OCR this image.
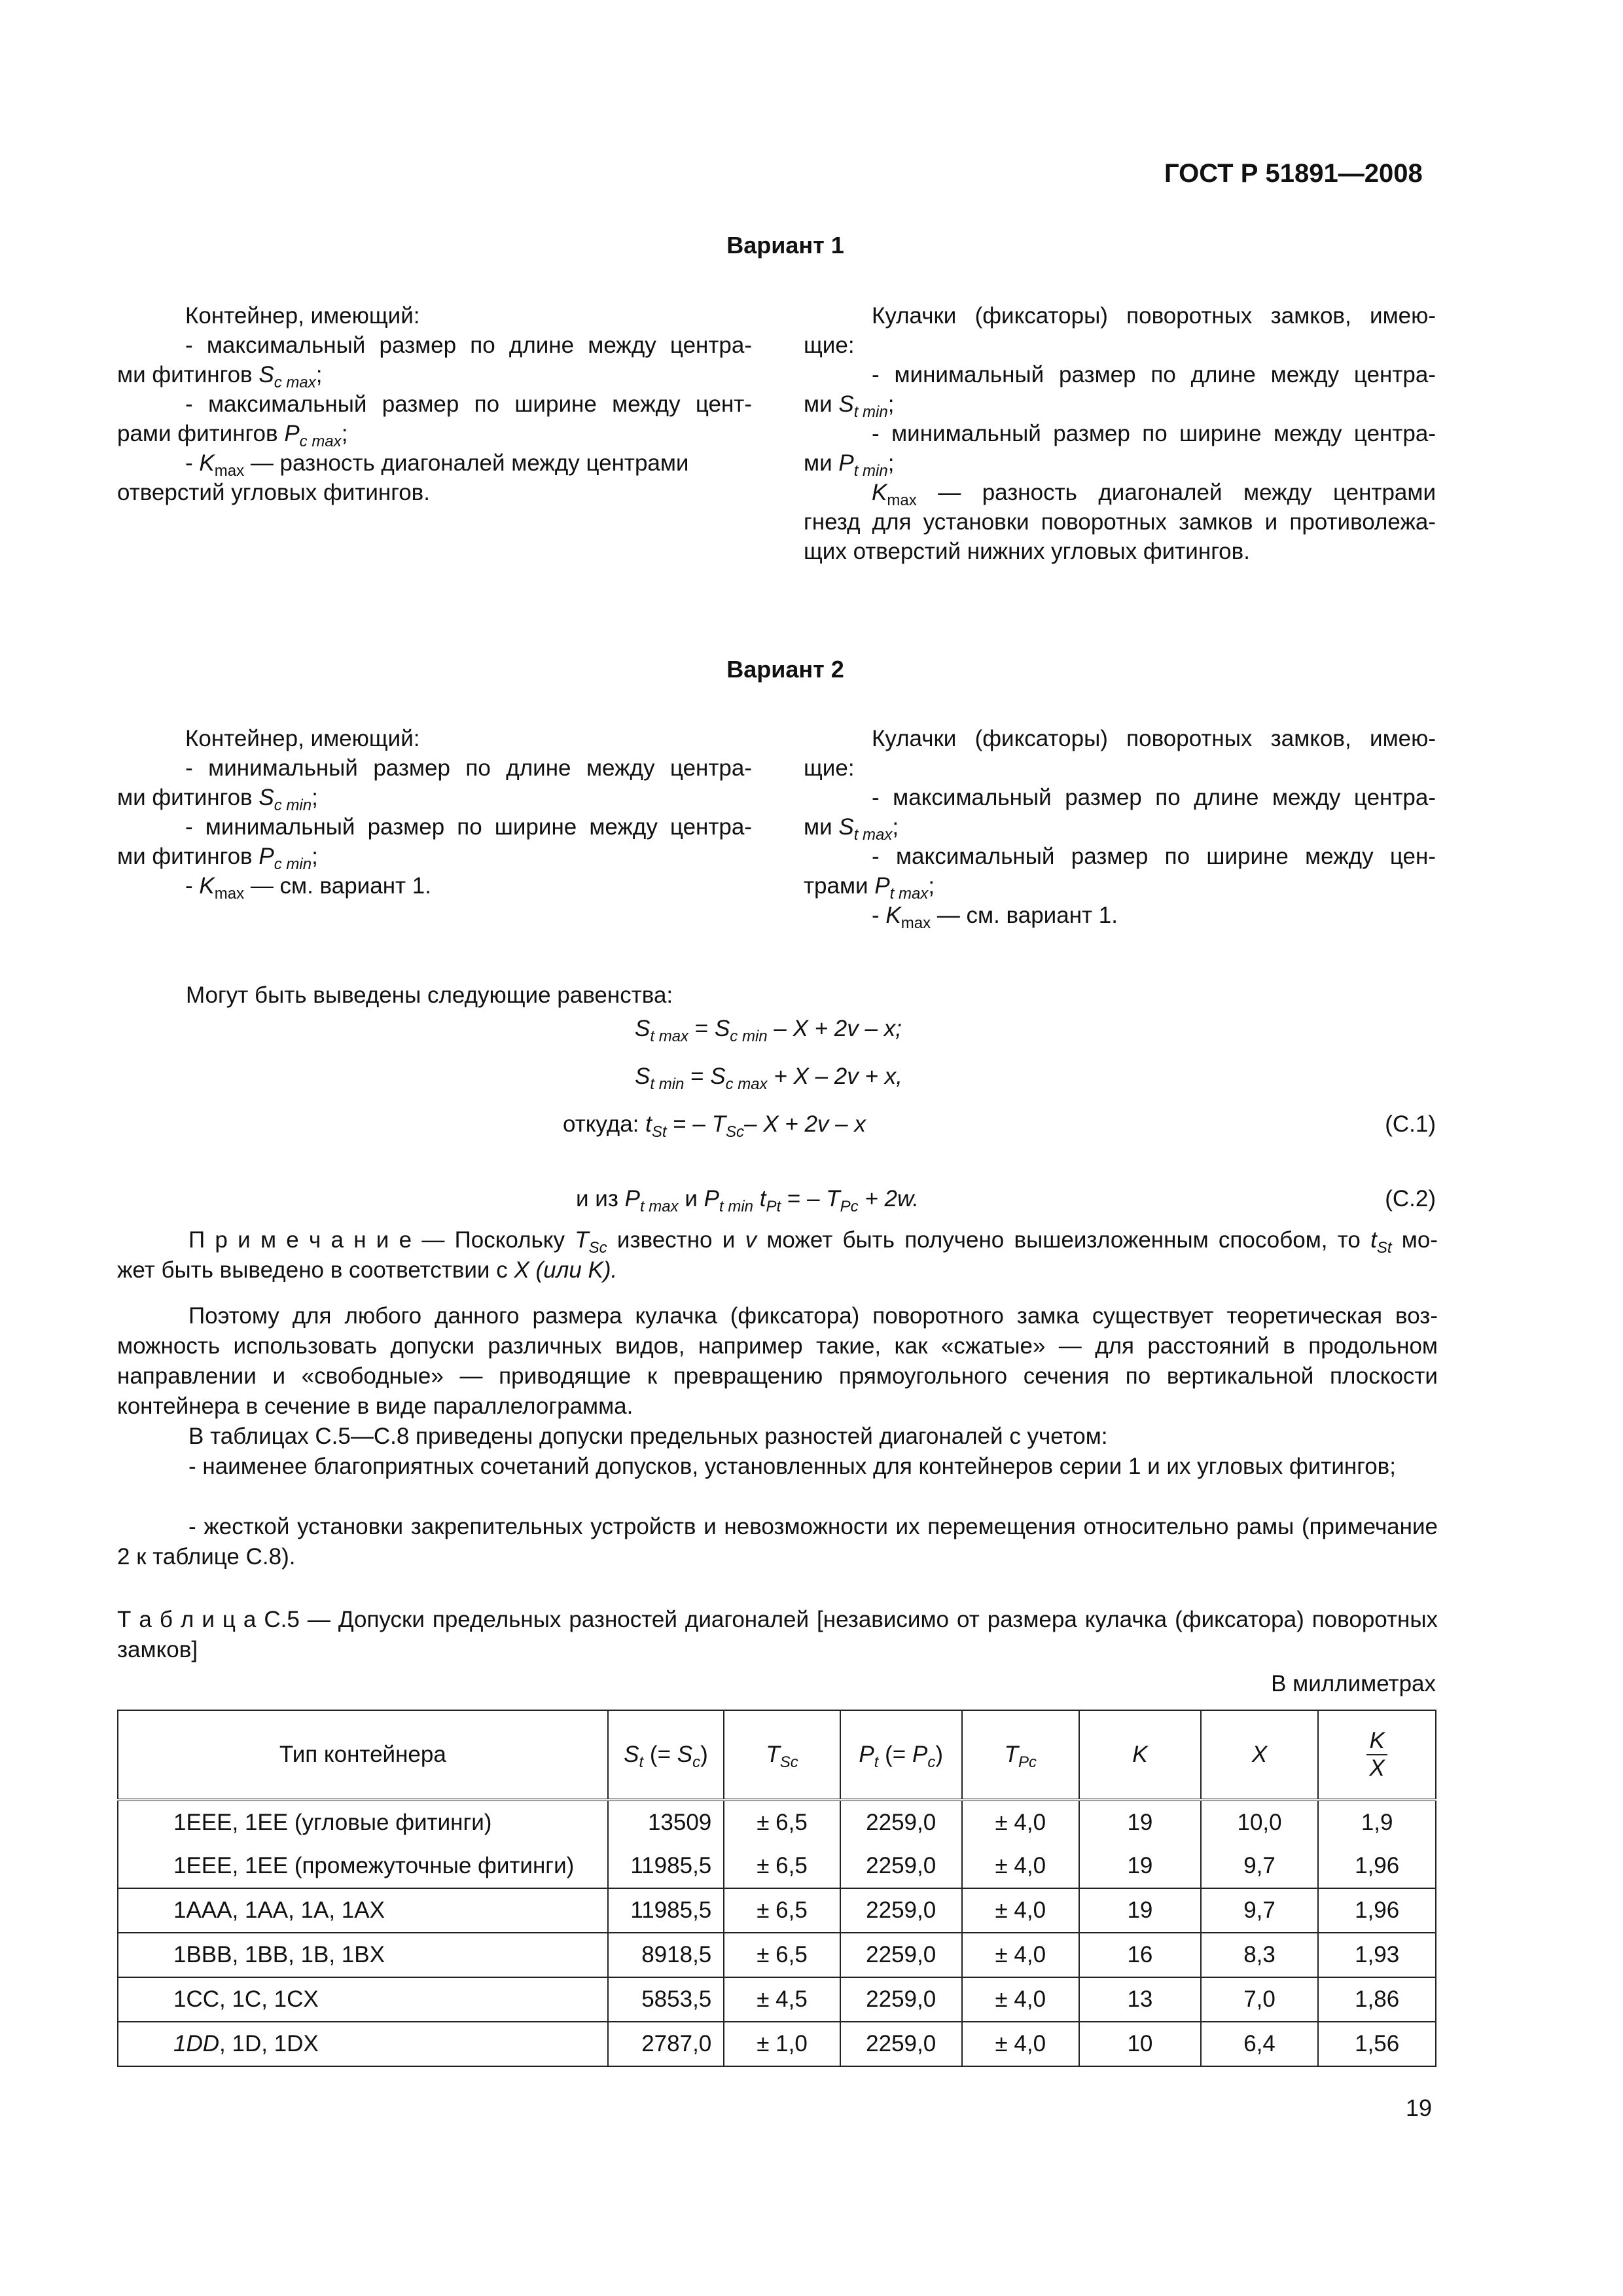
ГОСТ Р 51891—2008
Вариант 1
Контейнер, имеющий:
- максимальный размер по длине между центра-
ми фитингов $S_{c max}$;
- максимальный размер по ширине между цент-
рами фитингов $P_{c max}$;
- $K_{max}$ — разность диагоналей между центрами
отверстий угловых фитингов.
Кулачки (фиксаторы) поворотных замков, имею-
щие:
- минимальный размер по длине между центра-
ми $S_{t min}$;
- минимальный размер по ширине между центра-
ми $P_{t min}$;
$K_{max}$ — разность диагоналей между центрами
гнезд для установки поворотных замков и противолежа-
щих отверстий нижних угловых фитингов.
Вариант 2
Контейнер, имеющий:
- минимальный размер по длине между центра-
ми фитингов $S_{c min}$;
- минимальный размер по ширине между центра-
ми фитингов $P_{c min}$;
- $K_{max}$ — см. вариант 1.
Кулачки (фиксаторы) поворотных замков, имею-
щие:
- максимальный размер по длине между центра-
ми $S_{t max}$;
- максимальный размер по ширине между цен-
трами $P_{t max}$;
- $K_{max}$ — см. вариант 1.
Могут быть выведены следующие равенства:
$S_{t max} = S_{c min} - X + 2v - x$;
$S_{t min} = S_{c max} + X - 2v + x$,
откуда: $t_{St}$ = – $T_{Sc}-$ X + 2v – x	(С.1)
и из $P_{t max}$ и $P_{t min}$ $t_{Pt}$ = – $T_{Pc} + 2w$.	(С.2)
П р и м е ч а н и е — Поскольку $T_{Sc}$ известно и v может быть получено вышеизложенным способом, то $t_{St}$ мо-
жет быть выведено в соответствии с X (или K).
Поэтому для любого данного размера кулачка (фиксатора) поворотного замка существует теоретическая возможность использовать допуски различных видов, например такие, как «сжатые» — для расстояний в продольном направлении и «свободные» — приводящие к превращению прямоугольного сечения по вертикальной плоскости контейнера в сечение в виде параллелограмма.
В таблицах С.5—С.8 приведены допуски предельных разностей диагоналей с учетом:
- наименее благоприятных сочетаний допусков, установленных для контейнеров серии 1 и их угловых фитингов;
- жесткой установки закрепительных устройств и невозможности их перемещения относительно рамы (примечание 2 к таблице С.8).
Т а б л и ц а С.5 — Допуски предельных разностей диагоналей [независимо от размера кулачка (фиксатора) поворотных замков]
В миллиметрах
Тип контейнера	$S_t$ (= $S_c$)	$T_{Sc}$	$P_t$ (= $P_c$)	$T_{Pc}$	K	X	$\frac{K}{X}$

1ЕЕЕ, 1ЕЕ (угловые фитинги)	13509	± 6,5	2259,0	± 4,0	19	10,0	1,9
1ЕЕЕ, 1ЕЕ (промежуточные фитинги)	11985,5	± 6,5	2259,0	± 4,0	19	9,7	1,96
1AAA, 1AA, 1A, 1AX	11985,5	± 6,5	2259,0	± 4,0	19	9,7	1,96
1BBB, 1BB, 1B, 1BX	8918,5	± 6,5	2259,0	± 4,0	16	8,3	1,93
1CC, 1C, 1CX	5853,5	± 4,5	2259,0	± 4,0	13	7,0	1,86
1DD, 1D, 1DX	2787,0	± 1,0	2259,0	± 4,0	10	6,4	1,56
19
